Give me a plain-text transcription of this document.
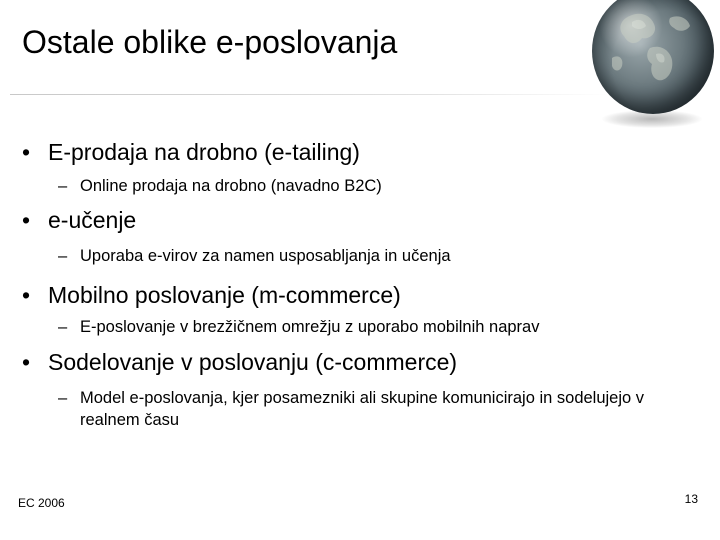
Ostale oblike e-poslovanja
• E-prodaja na drobno (e-tailing)
– Online prodaja na drobno (navadno B2C)
• e-učenje
– Uporaba e-virov za namen usposabljanja in učenja
• Mobilno poslovanje (m-commerce)
– E-poslovanje v brezžičnem omrežju z uporabo mobilnih naprav
• Sodelovanje v poslovanju (c-commerce)
– Model e-poslovanja, kjer posamezniki ali skupine komunicirajo in sodelujejo v realnem času
EC 2006	13
